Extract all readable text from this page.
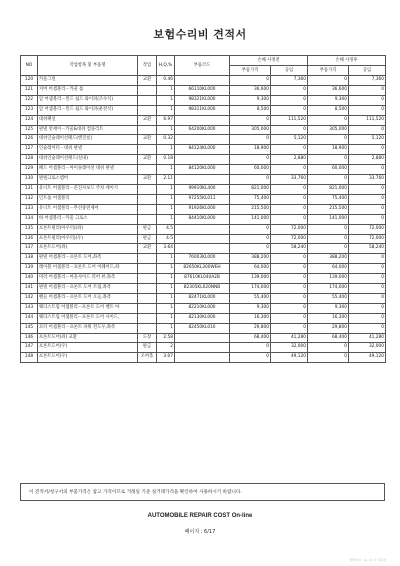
보험수리비 견적서
NO	작업항목 및 부품명	작업	H,Q,%	부품코드	손해 사정전		손해 사정후	
					부품가격	공임	부품가격	공임
120	카울그릴	교환	0.46		0	7,360	0	7,360
121	커버 어셈블리－카울 톱		1	66110KL000	36,600	0	36,600	0
122	암 어셈블리－윈드 쉴드 와이퍼(조수석)		1	98321KL000	9,300	0	9,300	0
123	암 어셈블리－윈드 쉴드 와이퍼(운전석)		1	98311KL000	8,500	0	8,500	0
124	대쉬패널	교환	6.97		0	111,520	0	111,520
125	판넬 앗세이－카울&대쉬 컴플리트		1	64200KL000	305,000	0	305,000	0
126	대쉬인슐레이션패드(엔진룸)	교환	0.32		0	5,120	0	5,120
127	인슐레이터－대쉬 판넬		1	84124KL000	18,900	0	18,900	0
128	대쉬인슐레이션패드(실내)	교환	0.18		0	2,880	0	2,880
129	패드 어셈블리－아이솔레이션 대쉬 판넬		1	84120KL000	60,000	0	60,000	0
130	판넬크로스멤버	교환	2.11		0	33,760	0	33,760
131	유너트 어셈블리－콘진자보드 주차 케이기		1	99910KL400	821,000	0	821,000	0
132	인트룰 어셈블리		1	97255KL011	75,400	0	75,400	0
133	유너트 어셈블리－무선충전제어		1	91926KL000	215,500	0	215,500	0
134	바 어셈블리－카울 크로스		1	84410KL000	141,000	0	141,000	0
135	프론트필러(아우터)(좌)	판금	4.5		0	72,000	0	72,000
136	프론트필러(아우터)(우)	판금	4.5		0	72,000	0	72,000
137	프론트도어(좌)	교환	3.64		0	58,240	0	58,240
138	판넬 어셈블리－프론트 도어,좌측		1	76003KL000	388,200	0	388,200	0
139	레이블 어셈블리－프론트 도어 어웨이드,좌		1	82650KL300WEH	64,000	0	64,000	0
140	미러 어셈블리－아웃사이드 리어 뷰,좌측		1	87610KL040A2B	139,000	0	139,000	0
141	판넬 어셈블리－프론트 도어 트림,좌측		1	82305KL020NNB	174,000	0	174,000	0
142	핸들 어셈블리－프론트 도어 오들,좌측		1	82471KL000	55,400	0	55,400	0
143	웨더스트립 어셈블리－프론트 도어 벨트 아		1	82210KL000	9,300	0	9,300	0
144	웨더스트립 어셈블리－프론트 도어 사이드,		1	82130KL000	16,300	0	16,300	0
145	모터 어셈블리－프론트 파워 윈도우,좌측		1	82450KL010	29,800	0	29,800	0
146	프론트도어(좌) 교환	도장	2.58		68,400	41,280	68,400	41,280
147	프론트도어(우)	판금	2		0	32,000	0	32,000
148	프론트도어(우)	오버홀	3.07		0	49,120	0	49,120
이 견적서/청구서의 부품가격은 참고 가격이므로 거래일 기준 실거래가격을 확인하여 사용하시기 바랍니다.
AUTOMOBILE REPAIR COST On-line
페이지 : 6/17
발행일자 : by 1A 가 이원장
